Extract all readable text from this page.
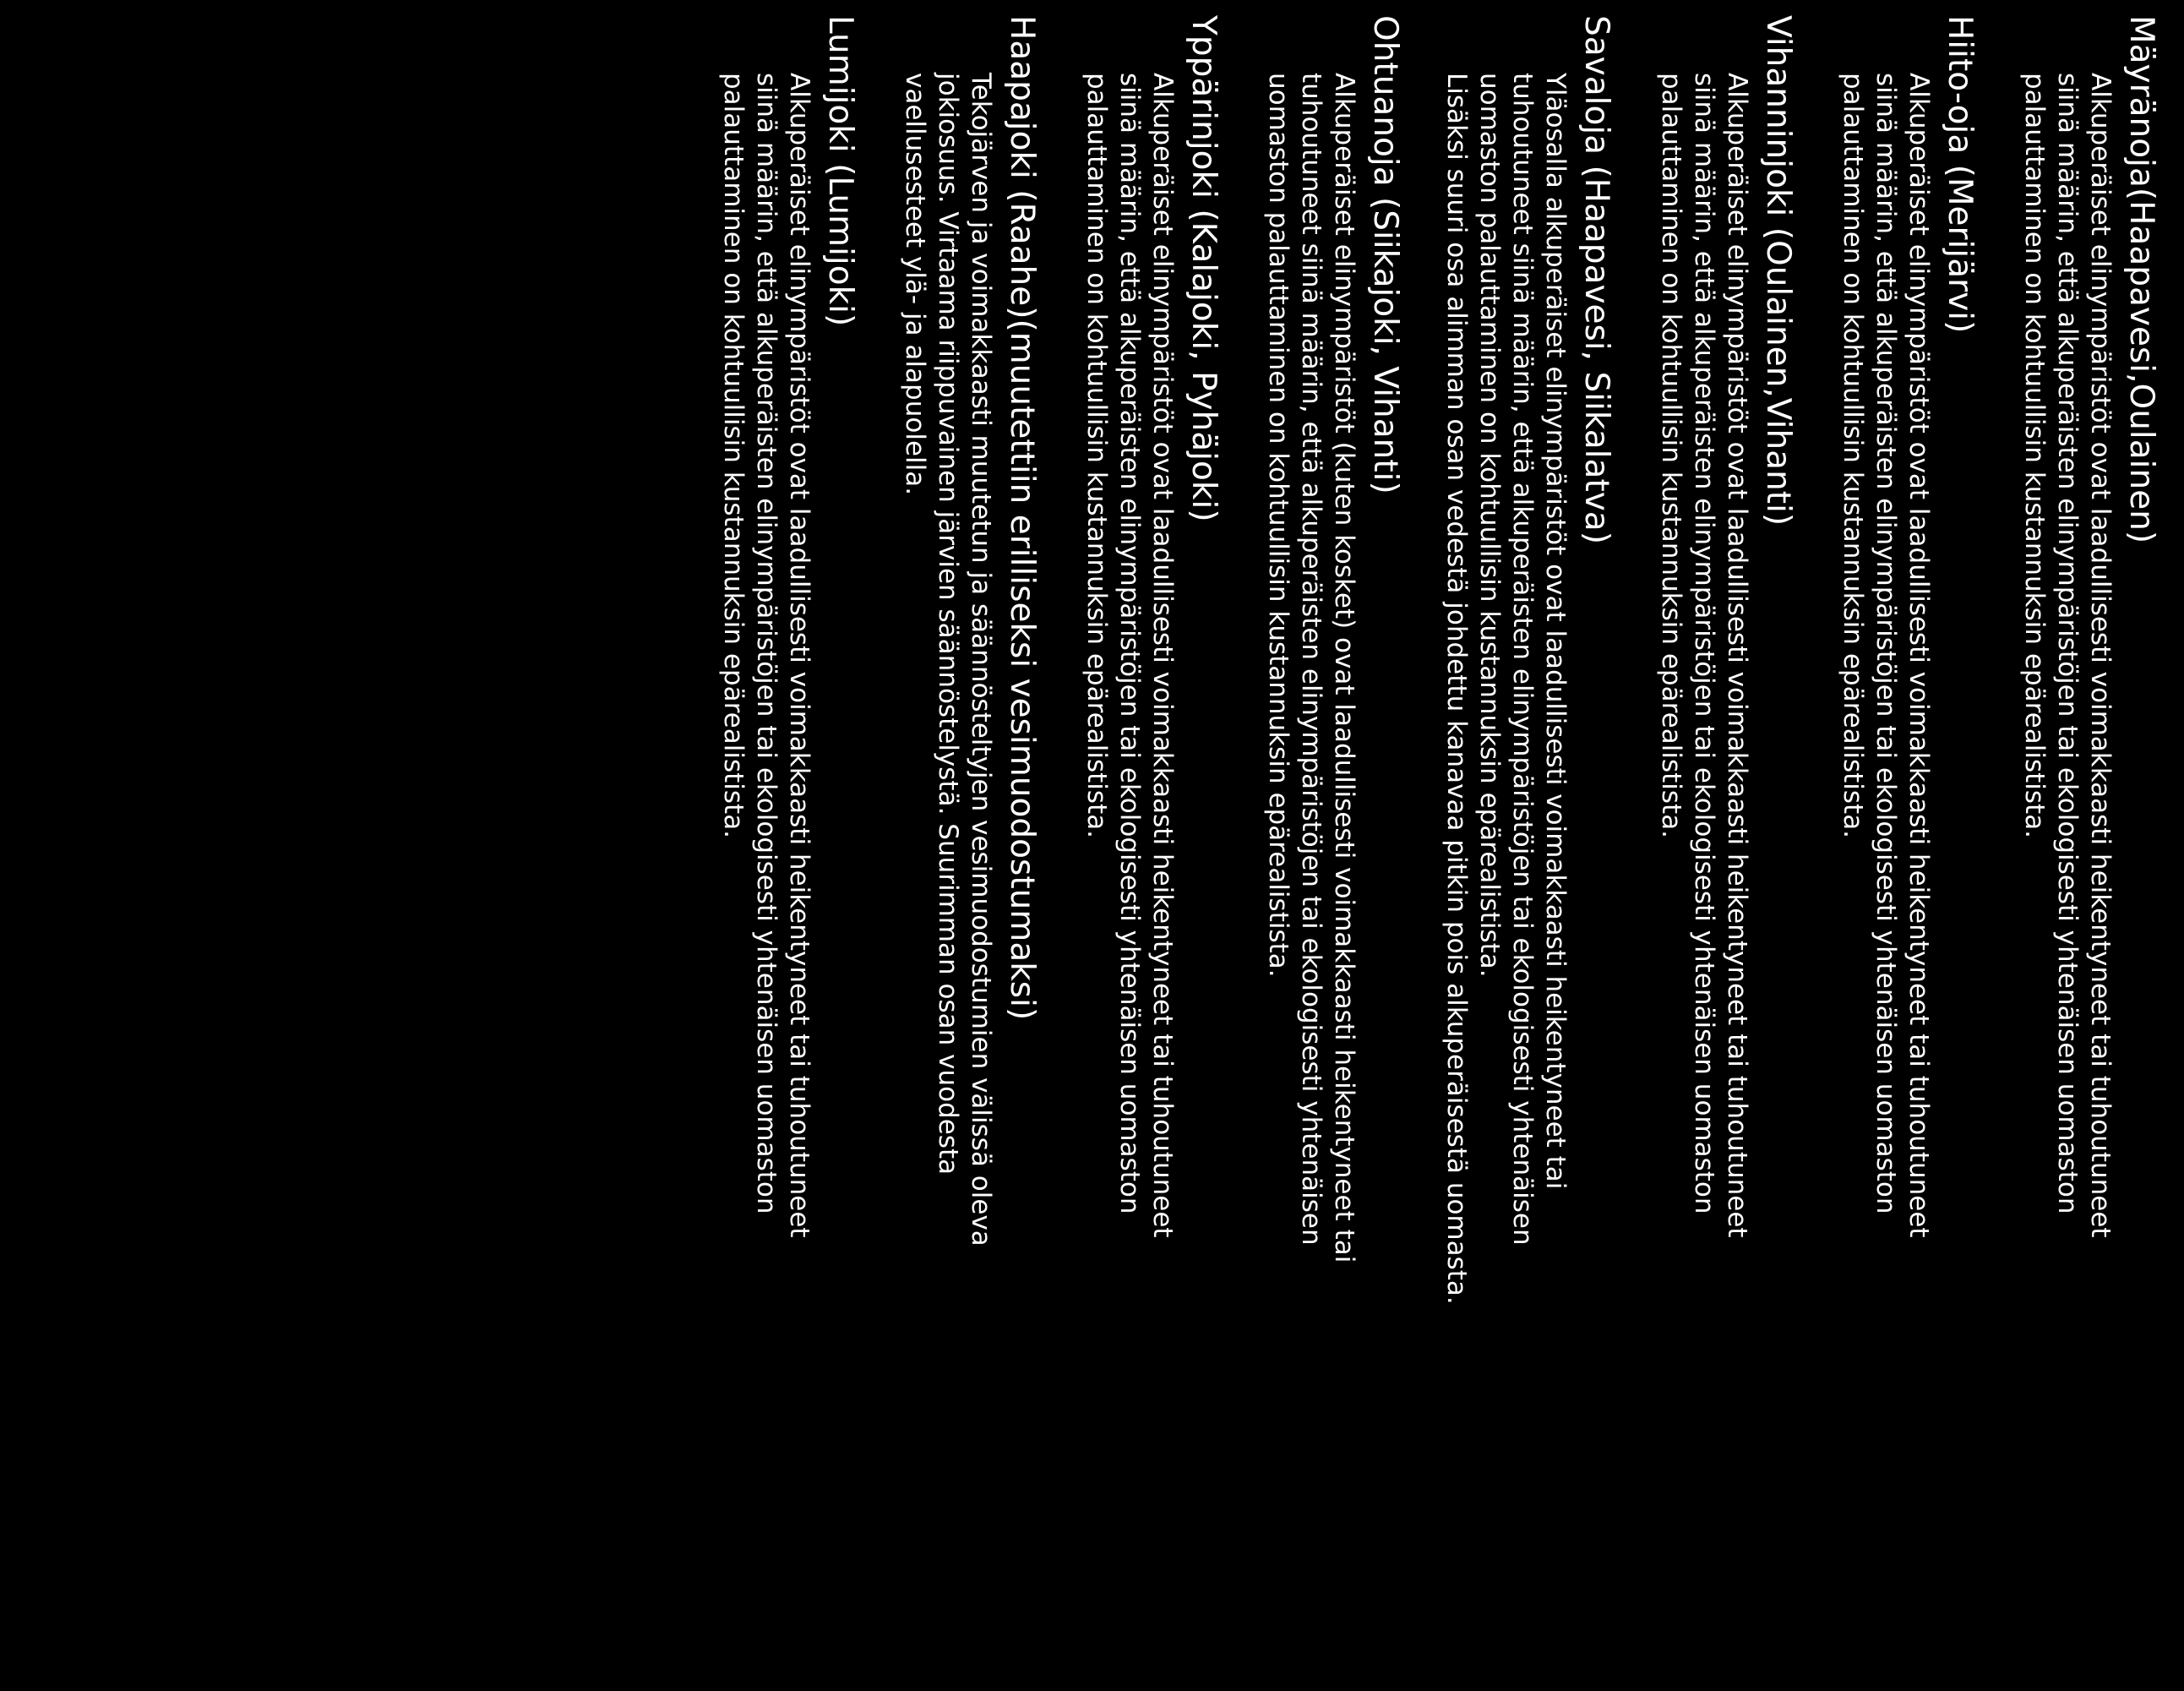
Mäyränoja(Haapavesi,Oulainen)
Alkuperäiset elinympäristöt ovat laadullisesti voimakkaasti heikentyneet tai tuhoutuneet
siinä määrin, että alkuperäisten elinympäristöjen tai ekologisesti yhtenäisen uomaston
palauttaminen on kohtuullisin kustannuksin epärealistista.
Hiito-oja (Merijärvi)
Alkuperäiset elinympäristöt ovat laadullisesti voimakkaasti heikentyneet tai tuhoutuneet
siinä määrin, että alkuperäisten elinympäristöjen tai ekologisesti yhtenäisen uomaston
palauttaminen on kohtuullisin kustannuksin epärealistista.
Vihanninjoki (Oulainen,Vihanti)
Alkuperäiset elinympäristöt ovat laadullisesti voimakkaasti heikentyneet tai tuhoutuneet
siinä määrin, että alkuperäisten elinympäristöjen tai ekologisesti yhtenäisen uomaston
palauttaminen on kohtuullisin kustannuksin epärealistista.
Savaloja (Haapavesi, Siikalatva)
Yläosalla alkuperäiset elinympäristöt ovat laadullisesti voimakkaasti heikentyneet tai
tuhoutuneet siinä määrin, että alkuperäisten elinympäristöjen tai ekologisesti yhtenäisen
uomaston palauttaminen on kohtuullisin kustannuksin epärealistista.
Lisäksi suuri osa alimman osan vedestä johdettu kanavaa pitkin pois alkuperäisestä uomasta.
Ohtuanoja (Siikajoki, Vihanti)
Alkuperäiset elinympäristöt (kuten kosket) ovat laadullisesti voimakkaasti heikentyneet tai
tuhoutuneet siinä määrin, että alkuperäisten elinympäristöjen tai ekologisesti yhtenäisen
uomaston palauttaminen on kohtuullisin kustannuksin epärealistista.
Yppärinjoki (Kalajoki, Pyhäjoki)
Alkuperäiset elinympäristöt ovat laadullisesti voimakkaasti heikentyneet tai tuhoutuneet
siinä määrin, että alkuperäisten elinympäristöjen tai ekologisesti yhtenäisen uomaston
palauttaminen on kohtuullisin kustannuksin epärealistista.
Haapajoki (Raahe)(muutettiin erilliseksi vesimuodostumaksi)
Tekojärven ja voimakkaasti muutetun ja säännösteltyjen vesimuodostumien välissä oleva
jokiosuus. Virtaama riippuvainen järvien säännöstelystä. Suurimman osan vuodesta
vaellusesteet ylä- ja alapuolella.
Lumijoki (Lumijoki)
Alkuperäiset elinympäristöt ovat laadullisesti voimakkaasti heikentyneet tai tuhoutuneet
siinä määrin, että alkuperäisten elinympäristöjen tai ekologisesti yhtenäisen uomaston
palauttaminen on kohtuullisin kustannuksin epärealistista.
